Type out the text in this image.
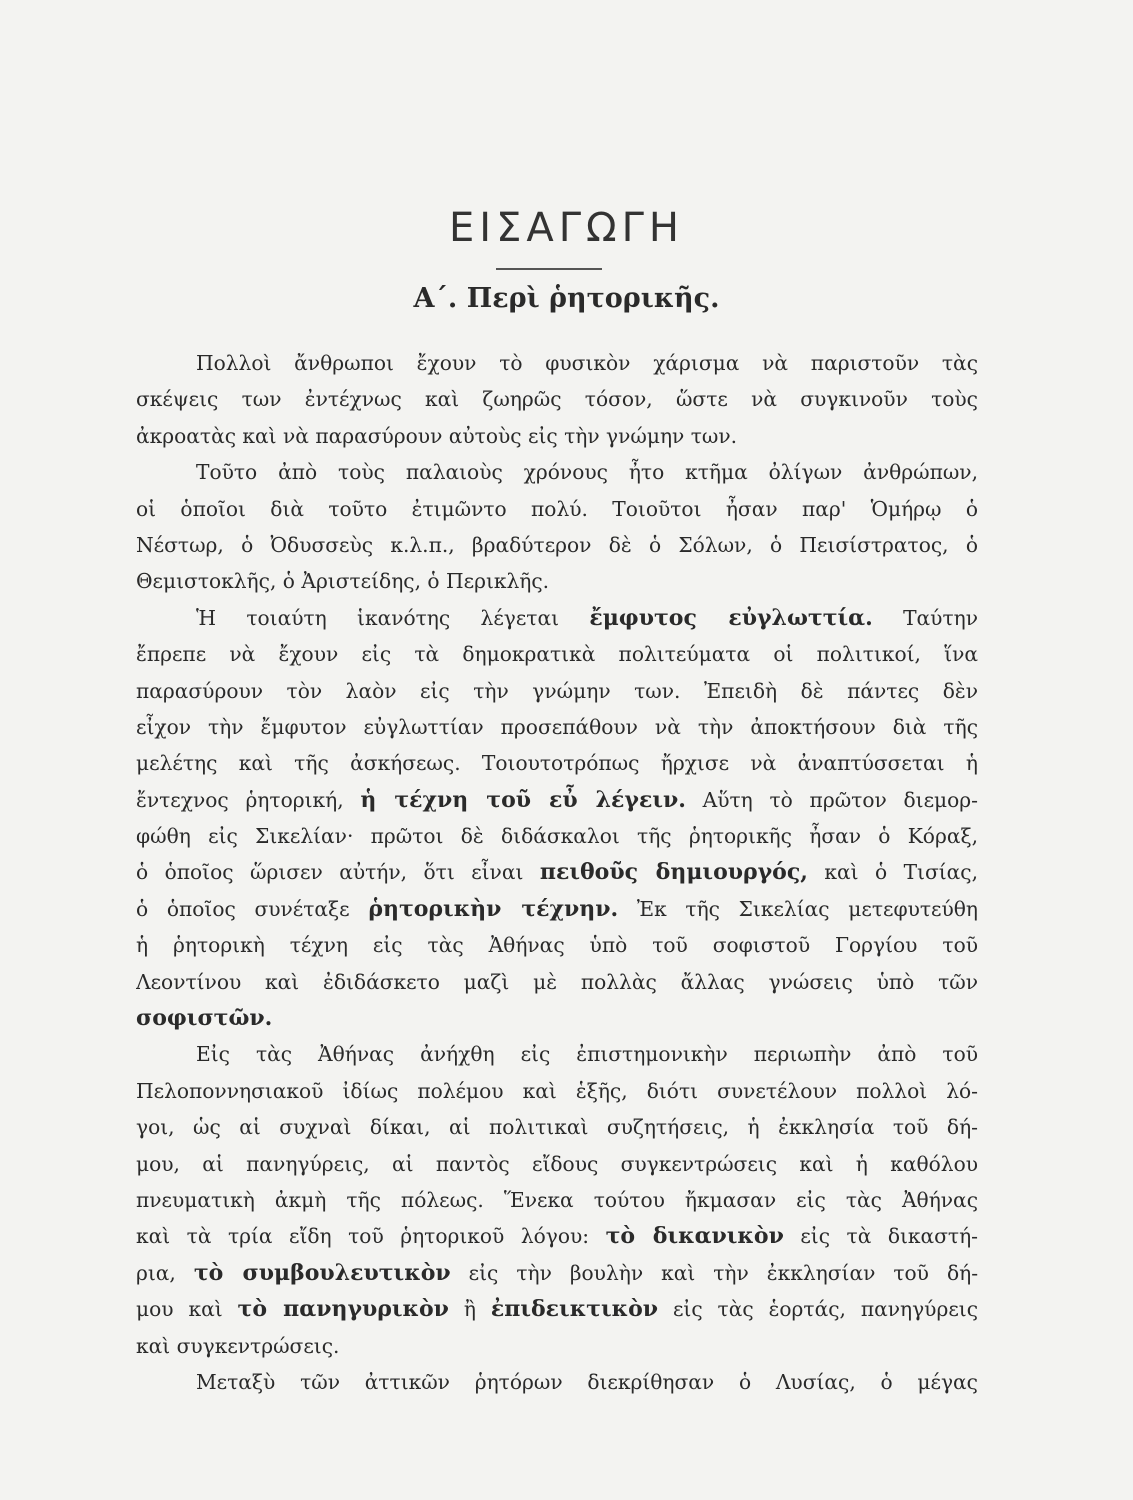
ΕΙΣΑΓΩΓΗ
Α΄. Περὶ ῥητορικῆς.
Πολλοὶ ἄνθρωποι ἔχουν τὸ φυσικὸν χάρισμα νὰ παριστοῦν τὰς
σκέψεις των ἐντέχνως καὶ ζωηρῶς τόσον, ὥστε νὰ συγκινοῦν τοὺς
ἀκροατὰς καὶ νὰ παρασύρουν αὐτοὺς εἰς τὴν γνώμην των.
Τοῦτο ἀπὸ τοὺς παλαιοὺς χρόνους ἦτο κτῆμα ὀλίγων ἀνθρώπων,
οἱ ὁποῖοι διὰ τοῦτο ἐτιμῶντο πολύ. Τοιοῦτοι ἦσαν παρ' Ὁμήρῳ ὁ
Νέστωρ, ὁ Ὀδυσσεὺς κ.λ.π., βραδύτερον δὲ ὁ Σόλων, ὁ Πεισίστρατος, ὁ
Θεμιστοκλῆς, ὁ Ἀριστείδης, ὁ Περικλῆς.
Ἡ τοιαύτη ἱκανότης λέγεται ἔμφυτος εὐγλωττία. Ταύτην
ἔπρεπε νὰ ἔχουν εἰς τὰ δημοκρατικὰ πολιτεύματα οἱ πολιτικοί, ἵνα
παρασύρουν τὸν λαὸν εἰς τὴν γνώμην των. Ἐπειδὴ δὲ πάντες δὲν
εἶχον τὴν ἔμφυτον εὐγλωττίαν προσεπάθουν νὰ τὴν ἀποκτήσουν διὰ τῆς
μελέτης καὶ τῆς ἀσκήσεως. Τοιουτοτρόπως ἤρχισε νὰ ἀναπτύσσεται ἡ
ἔντεχνος ῥητορική, ἡ τέχνη τοῦ εὖ λέγειν. Αὕτη τὸ πρῶτον διεμορ-
φώθη εἰς Σικελίαν· πρῶτοι δὲ διδάσκαλοι τῆς ῥητορικῆς ἦσαν ὁ Κόραξ,
ὁ ὁποῖος ὥρισεν αὐτήν, ὅτι εἶναι πειθοῦς δημιουργός, καὶ ὁ Τισίας,
ὁ ὁποῖος συνέταξε ῥητορικὴν τέχνην. Ἐκ τῆς Σικελίας μετεφυτεύθη
ἡ ῥητορικὴ τέχνη εἰς τὰς Ἀθήνας ὑπὸ τοῦ σοφιστοῦ Γοργίου τοῦ
Λεοντίνου καὶ ἐδιδάσκετο μαζὶ μὲ πολλὰς ἄλλας γνώσεις ὑπὸ τῶν
σοφιστῶν.
Εἰς τὰς Ἀθήνας ἀνήχθη εἰς ἐπιστημονικὴν περιωπὴν ἀπὸ τοῦ
Πελοποννησιακοῦ ἰδίως πολέμου καὶ ἑξῆς, διότι συνετέλουν πολλοὶ λό-
γοι, ὡς αἱ συχναὶ δίκαι, αἱ πολιτικαὶ συζητήσεις, ἡ ἐκκλησία τοῦ δή-
μου, αἱ πανηγύρεις, αἱ παντὸς εἴδους συγκεντρώσεις καὶ ἡ καθόλου
πνευματικὴ ἀκμὴ τῆς πόλεως. Ἕνεκα τούτου ἤκμασαν εἰς τὰς Ἀθήνας
καὶ τὰ τρία εἴδη τοῦ ῥητορικοῦ λόγου: τὸ δικανικὸν εἰς τὰ δικαστή-
ρια, τὸ συμβουλευτικὸν εἰς τὴν βουλὴν καὶ τὴν ἐκκλησίαν τοῦ δή-
μου καὶ τὸ πανηγυρικὸν ἢ ἐπιδεικτικὸν εἰς τὰς ἑορτάς, πανηγύρεις
καὶ συγκεντρώσεις.
Μεταξὺ τῶν ἀττικῶν ῥητόρων διεκρίθησαν ὁ Λυσίας, ὁ μέγας
